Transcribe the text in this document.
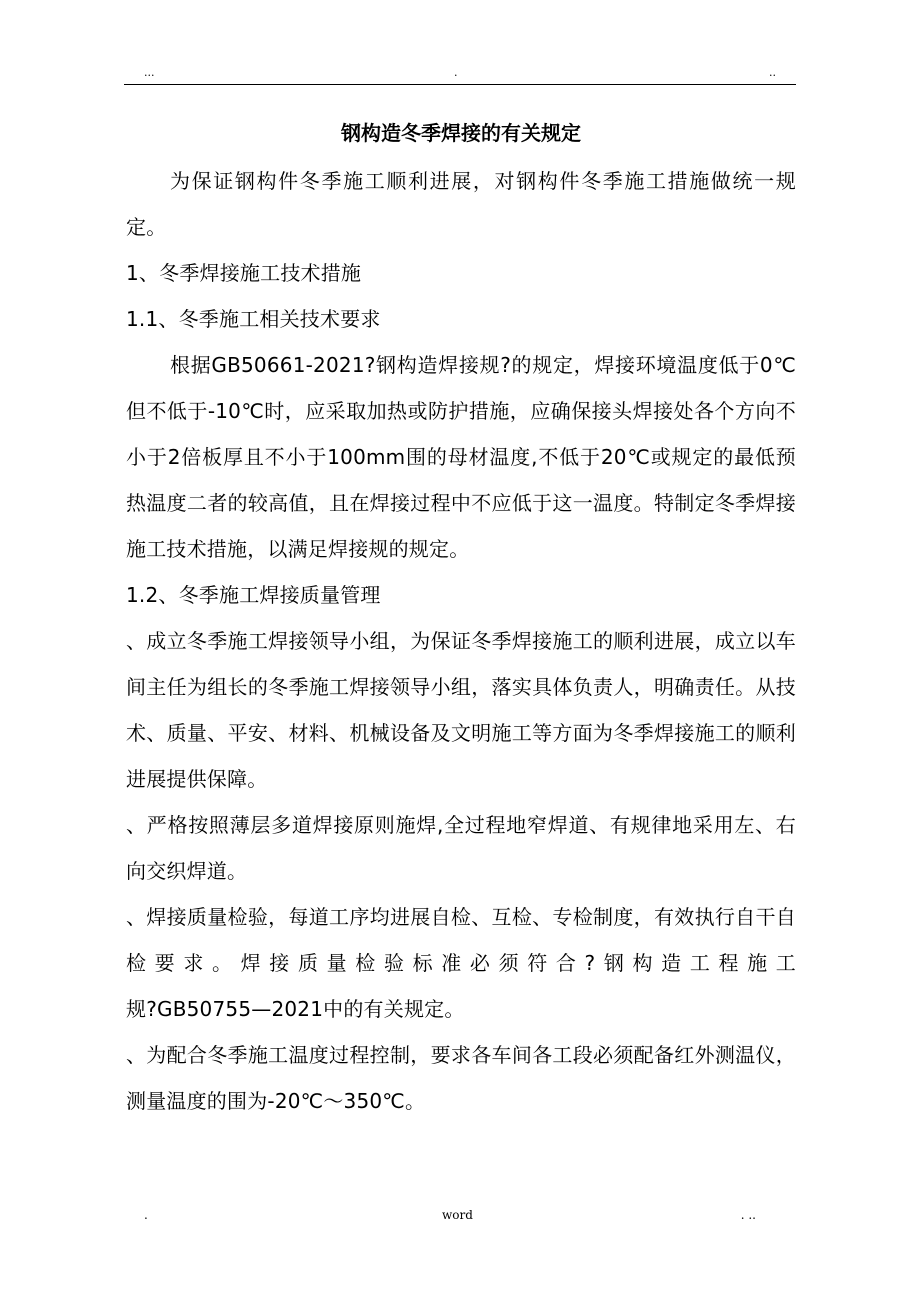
...	.	..
钢构造冬季焊接的有关规定

为保证钢构件冬季施工顺利进展，对钢构件冬季施工措施做统一规定。

1、冬季焊接施工技术措施

1.1、冬季施工相关技术要求

根据GB50661-2021?钢构造焊接规?的规定，焊接环境温度低于0℃但不低于-10℃时，应采取加热或防护措施，应确保接头焊接处各个方向不小于2倍板厚且不小于100mm围的母材温度,不低于20℃或规定的最低预热温度二者的较高值，且在焊接过程中不应低于这一温度。特制定冬季焊接施工技术措施，以满足焊接规的规定。

1.2、冬季施工焊接质量管理

、成立冬季施工焊接领导小组，为保证冬季焊接施工的顺利进展，成立以车间主任为组长的冬季施工焊接领导小组，落实具体负责人，明确责任。从技术、质量、平安、材料、机械设备及文明施工等方面为冬季焊接施工的顺利进展提供保障。

、严格按照薄层多道焊接原则施焊,全过程地窄焊道、有规律地采用左、右向交织焊道。

、焊接质量检验，每道工序均进展自检、互检、专检制度，有效执行自干自检要求。焊接质量检验标准必须符合?钢构造工程施工

规?GB50755—2021中的有关规定。

、为配合冬季施工温度过程控制，要求各车间各工段必须配备红外测温仪，测量温度的围为-20℃～350℃。

.	word	. ..
